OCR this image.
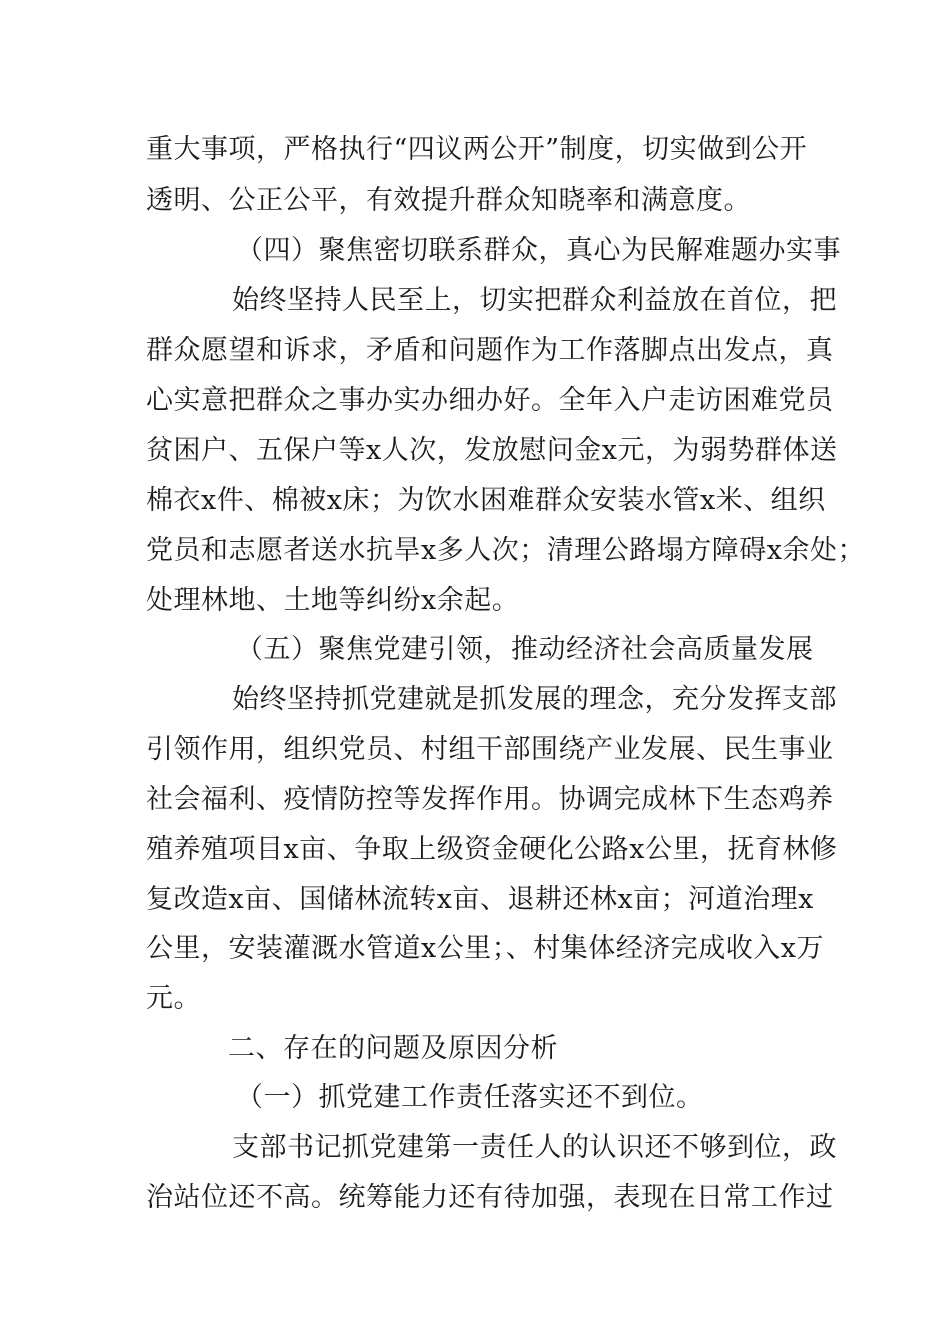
重大事项，严格执行“四议两公开”制度，切实做到公开
透明、公正公平，有效提升群众知晓率和满意度。
（四）聚焦密切联系群众，真心为民解难题办实事
始终坚持人民至上，切实把群众利益放在首位，把
群众愿望和诉求，矛盾和问题作为工作落脚点出发点，真
心实意把群众之事办实办细办好。全年入户走访困难党员
贫困户、五保户等x人次，发放慰问金x元，为弱势群体送
棉衣x件、棉被x床；为饮水困难群众安装水管x米、组织
党员和志愿者送水抗旱x多人次；清理公路塌方障碍x余处；
处理林地、土地等纠纷x余起。
（五）聚焦党建引领，推动经济社会高质量发展
始终坚持抓党建就是抓发展的理念，充分发挥支部
引领作用，组织党员、村组干部围绕产业发展、民生事业
社会福利、疫情防控等发挥作用。协调完成林下生态鸡养
殖养殖项目x亩、争取上级资金硬化公路x公里，抚育林修
复改造x亩、国储林流转x亩、退耕还林x亩；河道治理x
公里，安装灌溉水管道x公里；、村集体经济完成收入x万
元。
二、存在的问题及原因分析
（一）抓党建工作责任落实还不到位。
支部书记抓党建第一责任人的认识还不够到位，政
治站位还不高。统筹能力还有待加强，表现在日常工作过
